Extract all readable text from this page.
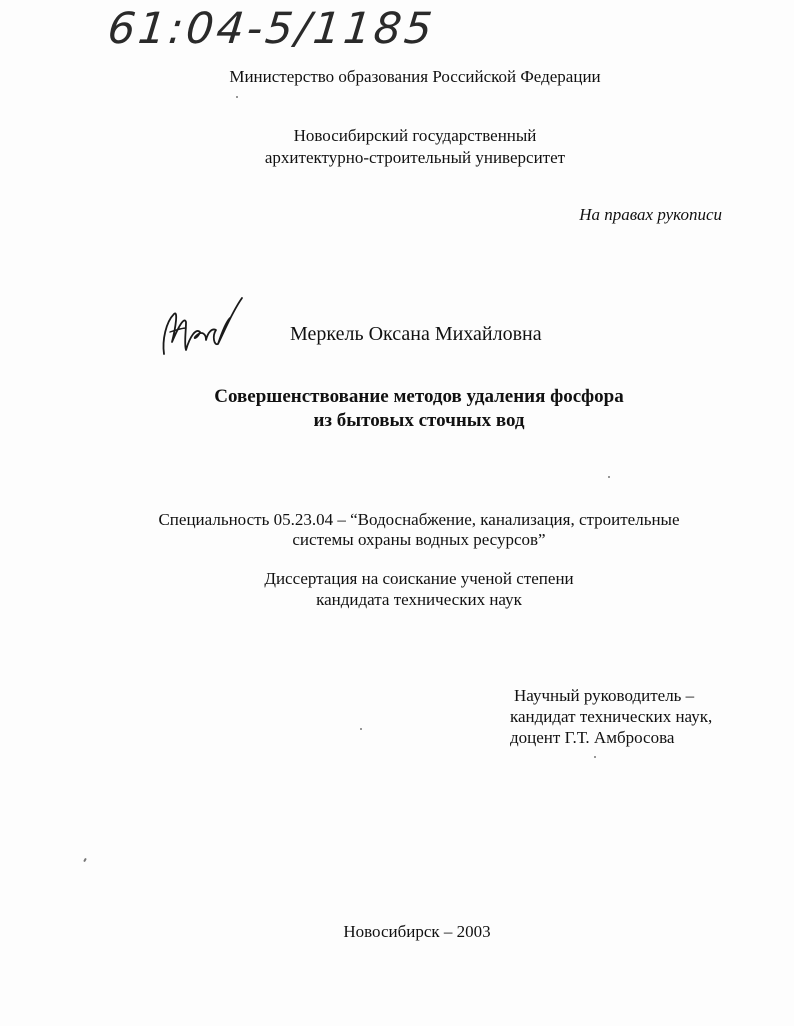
61:04-5/1185
Министерство образования Российской Федерации
Новосибирский государственный
архитектурно-строительный университет
На правах рукописи
Меркель Оксана Михайловна
Совершенствование методов удаления фосфора
из бытовых сточных вод
Специальность 05.23.04 – “Водоснабжение, канализация, строительные
системы охраны водных ресурсов”
Диссертация на соискание ученой степени
кандидата технических наук
Научный руководитель –
кандидат технических наук,
доцент Г.Т. Амбросова
Новосибирск – 2003
